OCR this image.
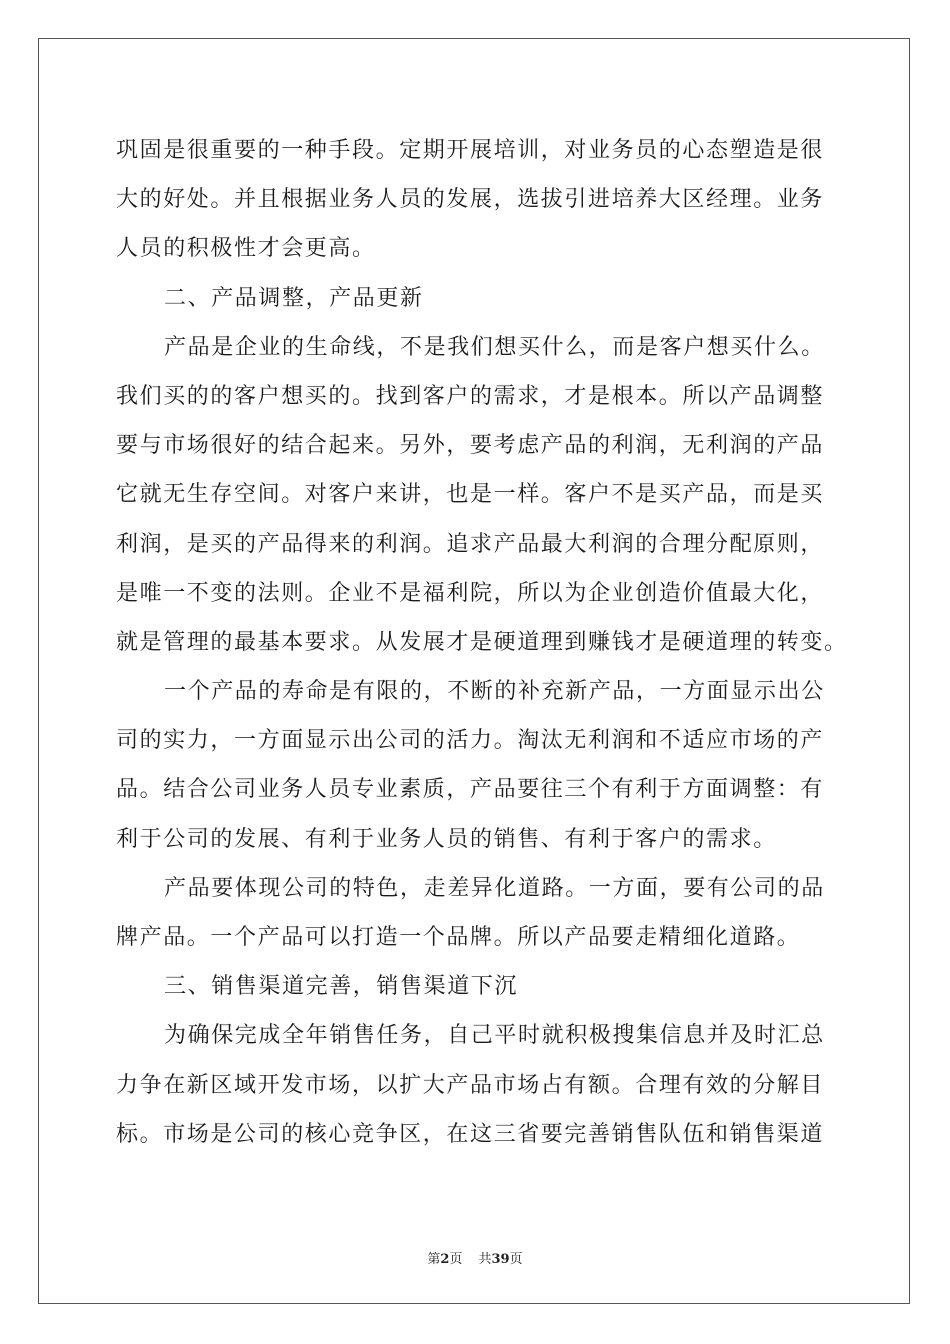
巩固是很重要的一种手段。定期开展培训，对业务员的心态塑造是很
大的好处。并且根据业务人员的发展，选拔引进培养大区经理。业务
人员的积极性才会更高。
二、产品调整，产品更新
产品是企业的生命线，不是我们想买什么，而是客户想买什么。
我们买的的客户想买的。找到客户的需求，才是根本。所以产品调整
要与市场很好的结合起来。另外，要考虑产品的利润，无利润的产品
它就无生存空间。对客户来讲，也是一样。客户不是买产品，而是买
利润，是买的产品得来的利润。追求产品最大利润的合理分配原则，
是唯一不变的法则。企业不是福利院，所以为企业创造价值最大化，
就是管理的最基本要求。从发展才是硬道理到赚钱才是硬道理的转变。
一个产品的寿命是有限的，不断的补充新产品，一方面显示出公
司的实力，一方面显示出公司的活力。淘汰无利润和不适应市场的产
品。结合公司业务人员专业素质，产品要往三个有利于方面调整：有
利于公司的发展、有利于业务人员的销售、有利于客户的需求。
产品要体现公司的特色，走差异化道路。一方面，要有公司的品
牌产品。一个产品可以打造一个品牌。所以产品要走精细化道路。
三、销售渠道完善，销售渠道下沉
为确保完成全年销售任务，自己平时就积极搜集信息并及时汇总
力争在新区域开发市场，以扩大产品市场占有额。合理有效的分解目
标。市场是公司的核心竞争区，在这三省要完善销售队伍和销售渠道
第2页 共39页
